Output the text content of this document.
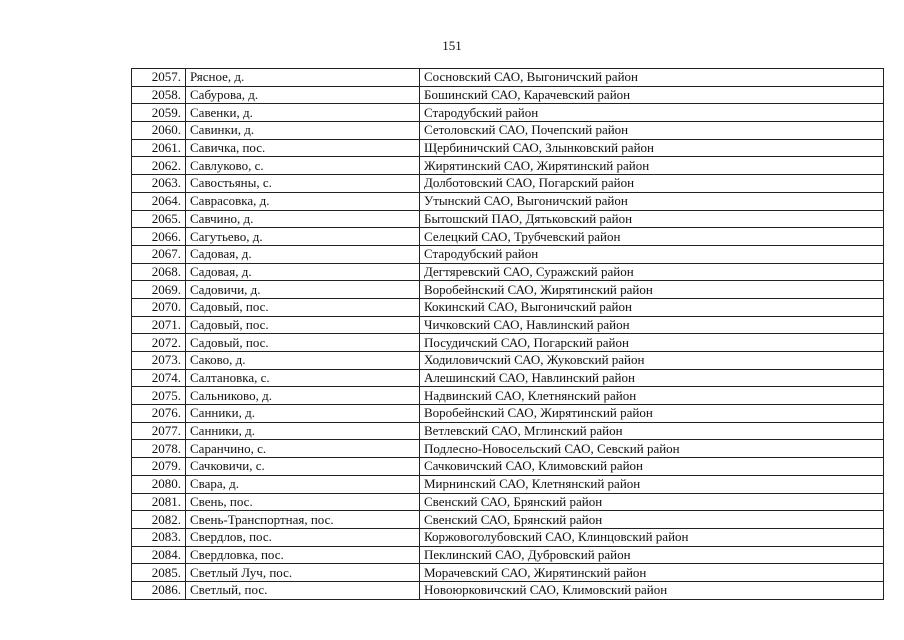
151
2057.	Рясное, д.	Сосновский САО, Выгоничский район
2058.	Сабурова, д.	Бошинский САО, Карачевский район
2059.	Савенки, д.	Стародубский район
2060.	Савинки, д.	Сетоловский САО, Почепский район
2061.	Савичка, пос.	Щербиничский САО, Злынковский район
2062.	Савлуково, с.	Жирятинский САО, Жирятинский район
2063.	Савостьяны, с.	Долботовский САО, Погарский район
2064.	Саврасовка, д.	Утынский САО, Выгоничский район
2065.	Савчино, д.	Бытошский ПАО, Дятьковский район
2066.	Сагутьево, д.	Селецкий САО, Трубчевский район
2067.	Садовая, д.	Стародубский район
2068.	Садовая, д.	Дегтяревский САО, Суражский район
2069.	Садовичи, д.	Воробейнский САО, Жирятинский район
2070.	Садовый, пос.	Кокинский САО, Выгоничский район
2071.	Садовый, пос.	Чичковский САО, Навлинский район
2072.	Садовый, пос.	Посудичский САО, Погарский район
2073.	Саково, д.	Ходиловичский САО, Жуковский район
2074.	Салтановка, с.	Алешинский САО, Навлинский район
2075.	Сальниково, д.	Надвинский САО, Клетнянский район
2076.	Санники, д.	Воробейнский САО, Жирятинский район
2077.	Санники, д.	Ветлевский САО, Мглинский район
2078.	Саранчино, с.	Подлесно-Новосельский САО, Севский район
2079.	Сачковичи, с.	Сачковичский САО, Климовский район
2080.	Свара, д.	Мирнинский САО, Клетнянский район
2081.	Свень, пос.	Свенский САО, Брянский район
2082.	Свень-Транспортная, пос.	Свенский САО, Брянский район
2083.	Свердлов, пос.	Коржовоголубовский САО, Клинцовский район
2084.	Свердловка, пос.	Пеклинский САО, Дубровский район
2085.	Светлый Луч, пос.	Морачевский САО, Жирятинский район
2086.	Светлый, пос.	Новоюрковичский САО, Климовский район
